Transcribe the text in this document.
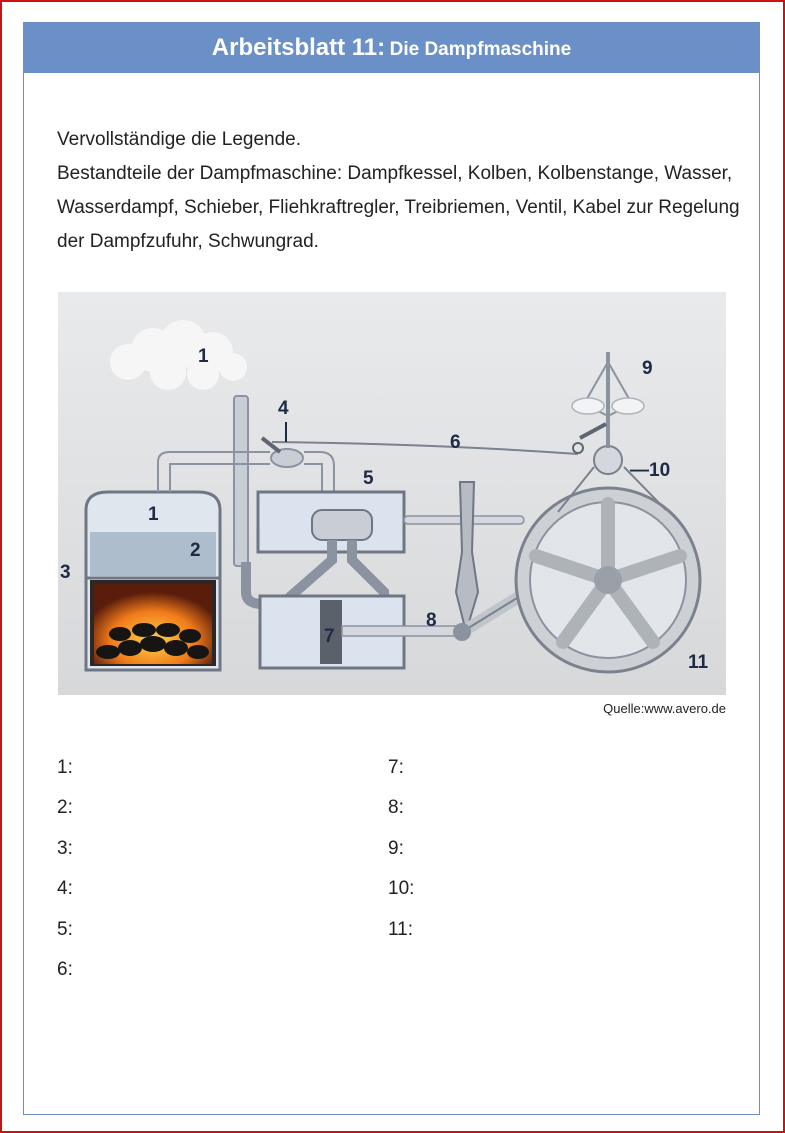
Arbeitsblatt 11: Die Dampfmaschine

Vervollständige die Legende.

Bestandteile der Dampfmaschine: Dampfkessel, Kolben, Kolbenstange, Wasser, Wasserdampf, Schieber, Fliehkraftregler, Treibriemen, Ventil, Kabel zur Regelung der Dampfzufuhr, Schwungrad.

1
1
2
3
4
5
6
7
8
9
—10
11
Quelle:www.avero.de
1:
2:
3:
4:
5:
6:
7:
8:
9:
10:
11:
